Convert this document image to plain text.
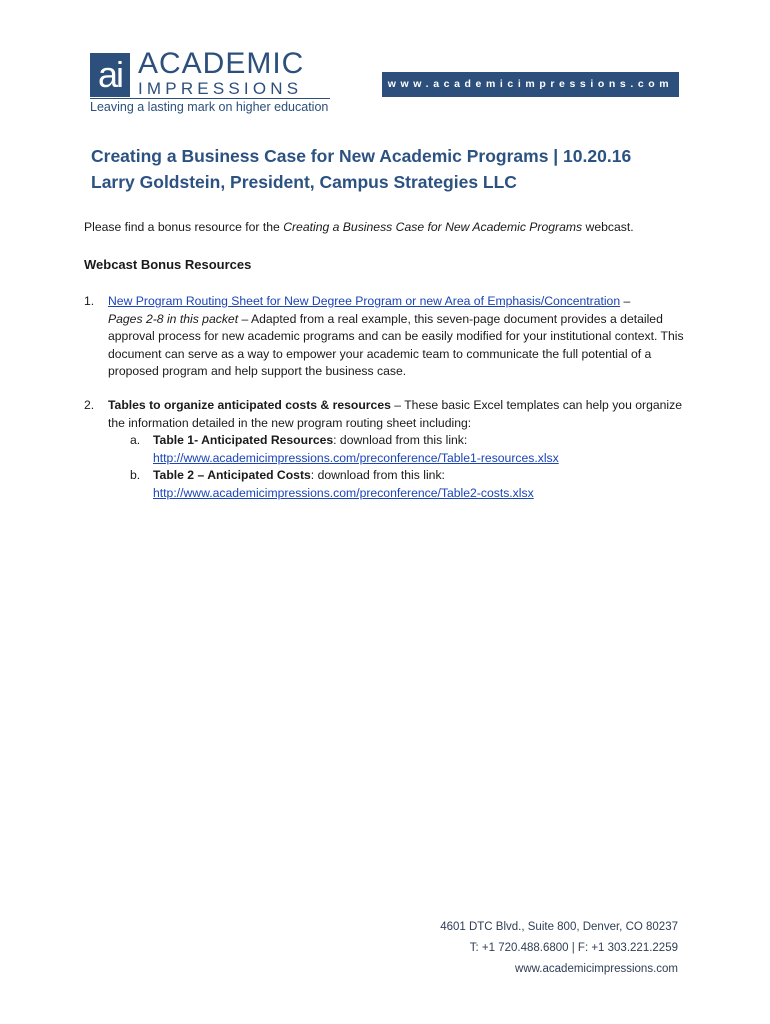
ai ACADEMIC
IMPRESSIONS
Leaving a lasting mark on higher education
www.academicimpressions.com
Creating a Business Case for New Academic Programs | 10.20.16
Larry Goldstein, President, Campus Strategies LLC
Please find a bonus resource for the Creating a Business Case for New Academic Programs webcast.
Webcast Bonus Resources
1. New Program Routing Sheet for New Degree Program or new Area of Emphasis/Concentration –
Pages 2-8 in this packet – Adapted from a real example, this seven-page document provides a detailed approval process for new academic programs and can be easily modified for your institutional context. This document can serve as a way to empower your academic team to communicate the full potential of a proposed program and help support the business case.
2. Tables to organize anticipated costs & resources – These basic Excel templates can help you organize the information detailed in the new program routing sheet including:
a. Table 1- Anticipated Resources: download from this link:
http://www.academicimpressions.com/preconference/Table1-resources.xlsx
b. Table 2 – Anticipated Costs: download from this link:
http://www.academicimpressions.com/preconference/Table2-costs.xlsx
4601 DTC Blvd., Suite 800, Denver, CO 80237
T: +1 720.488.6800 | F: +1 303.221.2259
www.academicimpressions.com
